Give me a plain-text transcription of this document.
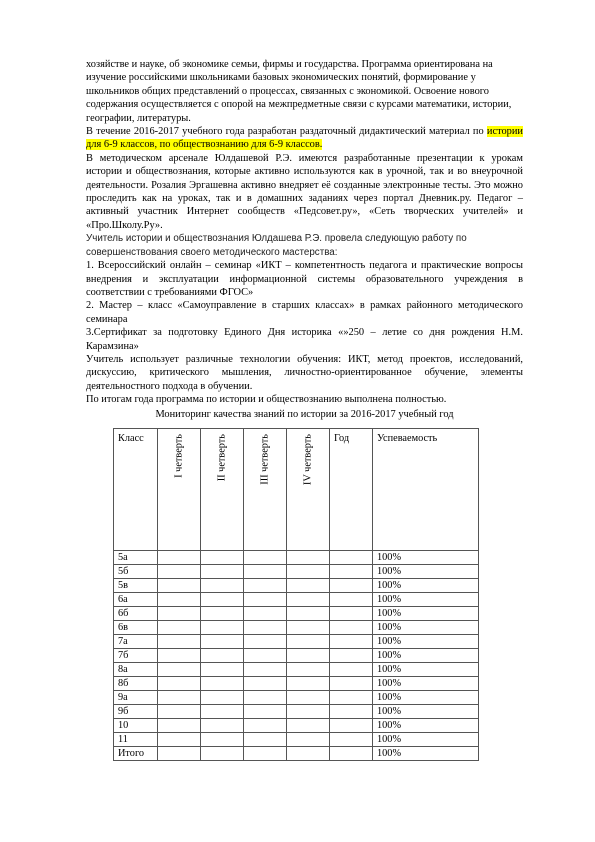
хозяйстве и науке, об экономике семьи, фирмы и государства. Программа ориентирована на изучение российскими школьниками базовых экономических понятий, формирование у школьников общих представлений о процессах, связанных с экономикой. Освоение нового содержания осуществляется с опорой на межпредметные связи с курсами математики, истории, географии, литературы.

В течение 2016-2017 учебного года разработан раздаточный дидактический материал по истории для 6-9 классов, по обществознанию для 6-9 классов.

В методическом арсенале Юлдашевой Р.Э. имеются разработанные презентации к урокам истории и обществознания, которые активно используются как в урочной, так и во внеурочной деятельности. Розалия Эргашевна активно внедряет её созданные электронные тесты. Это можно проследить как на уроках, так и в домашних заданиях через портал Дневник.ру. Педагог – активный участник Интернет сообществ «Педсовет.ру», «Сеть творческих учителей» и «Про.Школу.Ру».

Учитель истории и обществознания Юлдашева Р.Э. провела следующую работу по совершенствования своего методического мастерства:

1. Всероссийский онлайн – семинар «ИКТ – компетентность педагога и практические вопросы внедрения и эксплуатации информационной системы образовательного учреждения в соответствии с требованиями ФГОС»

2. Мастер – класс «Самоуправление в старших классах» в рамках районного методического семинара

3.Сертификат за подготовку Единого Дня историка «»250 – летие со дня рождения Н.М. Карамзина»

Учитель использует различные технологии обучения: ИКТ, метод проектов, исследований, дискуссию, критического мышления, личностно-ориентированное обучение, элементы деятельностного подхода в обучении.

По итогам года программа по истории и обществознанию выполнена полностью.

Мониторинг качества знаний по истории за 2016-2017 учебный год

Класс	I четверть	II четверть	III четверть	IV четверть	Год	Успеваемость
5а						100%
5б						100%
5в						100%
6а						100%
6б						100%
6в						100%
7а						100%
7б						100%
8а						100%
8б						100%
9а						100%
9б						100%
10						100%
11						100%
Итого						100%
